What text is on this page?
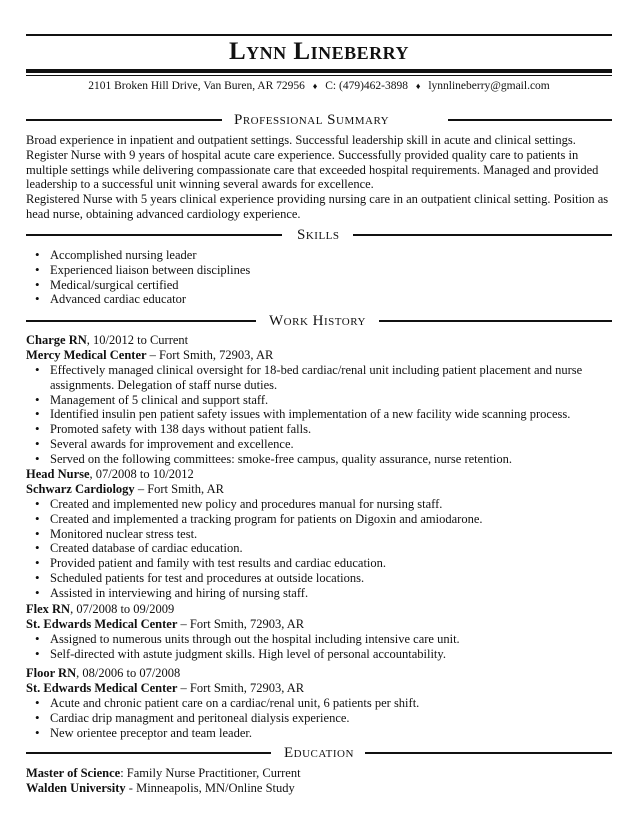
Lynn Lineberry
2101 Broken Hill Drive, Van Buren, AR 72956 ♦ C: (479)462-3898 ♦ lynnlineberry@gmail.com
Professional Summary
Broad experience in inpatient and outpatient settings. Successful leadership skill in acute and clinical settings.
Register Nurse with 9 years of hospital acute care experience. Successfully provided quality care to patients in multiple settings while delivering compassionate care that exceeded hospital requirements. Managed and provided leadership to a successful unit winning several awards for excellence.
Registered Nurse with 5 years clinical experience providing nursing care in an outpatient clinical setting. Position as head nurse, obtaining advanced cardiology experience.
Skills
• Accomplished nursing leader
• Experienced liaison between disciplines
• Medical/surgical certified
• Advanced cardiac educator
Work History
Charge RN, 10/2012 to Current
Mercy Medical Center – Fort Smith, 72903, AR
• Effectively managed clinical oversight for 18-bed cardiac/renal unit including patient placement and nurse assignments. Delegation of staff nurse duties.
• Management of 5 clinical and support staff.
• Identified insulin pen patient safety issues with implementation of a new facility wide scanning process.
• Promoted safety with 138 days without patient falls.
• Several awards for improvement and excellence.
• Served on the following committees: smoke-free campus, quality assurance, nurse retention.
Head Nurse, 07/2008 to 10/2012
Schwarz Cardiology – Fort Smith, AR
• Created and implemented new policy and procedures manual for nursing staff.
• Created and implemented a tracking program for patients on Digoxin and amiodarone.
• Monitored nuclear stress test.
• Created database of cardiac education.
• Provided patient and family with test results and cardiac education.
• Scheduled patients for test and procedures at outside locations.
• Assisted in interviewing and hiring of nursing staff.
Flex RN, 07/2008 to 09/2009
St. Edwards Medical Center – Fort Smith, 72903, AR
• Assigned to numerous units through out the hospital including intensive care unit.
• Self-directed with astute judgment skills. High level of personal accountability.
Floor RN, 08/2006 to 07/2008
St. Edwards Medical Center – Fort Smith, 72903, AR
• Acute and chronic patient care on a cardiac/renal unit, 6 patients per shift.
• Cardiac drip managment and peritoneal dialysis experience.
• New orientee preceptor and team leader.
Education
Master of Science: Family Nurse Practitioner, Current
Walden University - Minneapolis, MN/Online Study
